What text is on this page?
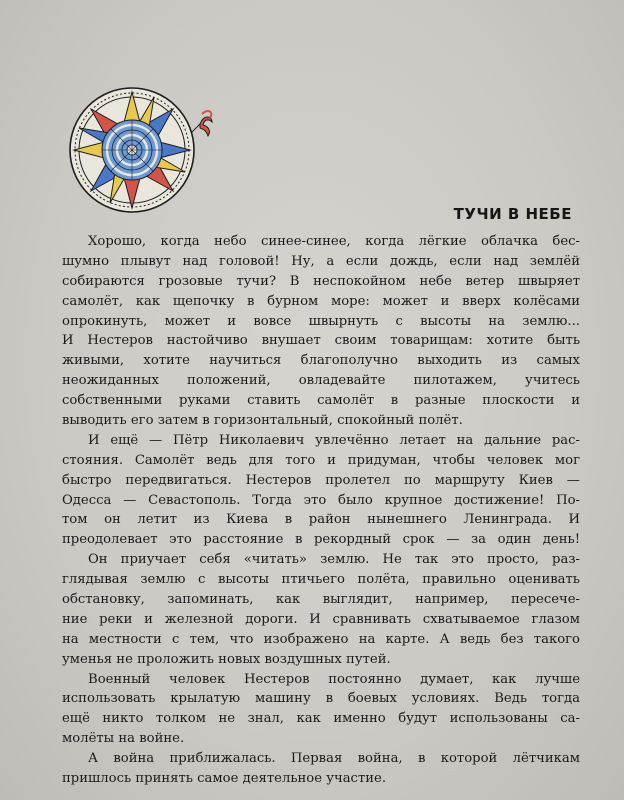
ТУЧИ В НЕБЕ
Хорошо, когда небо синее-синее, когда лёгкие облачка бес-
шумно плывут над головой! Ну, а если дождь, если над землёй
собираются грозовые тучи? В неспокойном небе ветер швыряет
самолёт, как щепочку в бурном море: может и вверх колёсами
опрокинуть, может и вовсе швырнуть с высоты на землю...
И Нестеров настойчиво внушает своим товарищам: хотите быть
живыми, хотите научиться благополучно выходить из самых
неожиданных положений, овладевайте пилотажем, учитесь
собственными руками ставить самолёт в разные плоскости и
выводить его затем в горизонтальный, спокойный полёт.
И ещё — Пётр Николаевич увлечённо летает на дальние рас-
стояния. Самолёт ведь для того и придуман, чтобы человек мог
быстро передвигаться. Нестеров пролетел по маршруту Киев —
Одесса — Севастополь. Тогда это было крупное достижение! По-
том он летит из Киева в район нынешнего Ленинграда. И
преодолевает это расстояние в рекордный срок — за один день!
Он приучает себя «читать» землю. Не так это просто, раз-
глядывая землю с высоты птичьего полёта, правильно оценивать
обстановку, запоминать, как выглядит, например, пересече-
ние реки и железной дороги. И сравнивать схватываемое глазом
на местности с тем, что изображено на карте. А ведь без такого
уменья не проложить новых воздушных путей.
Военный человек Нестеров постоянно думает, как лучше
использовать крылатую машину в боевых условиях. Ведь тогда
ещё никто толком не знал, как именно будут использованы са-
молёты на войне.
А война приближалась. Первая война, в которой лётчикам
пришлось принять самое деятельное участие.
